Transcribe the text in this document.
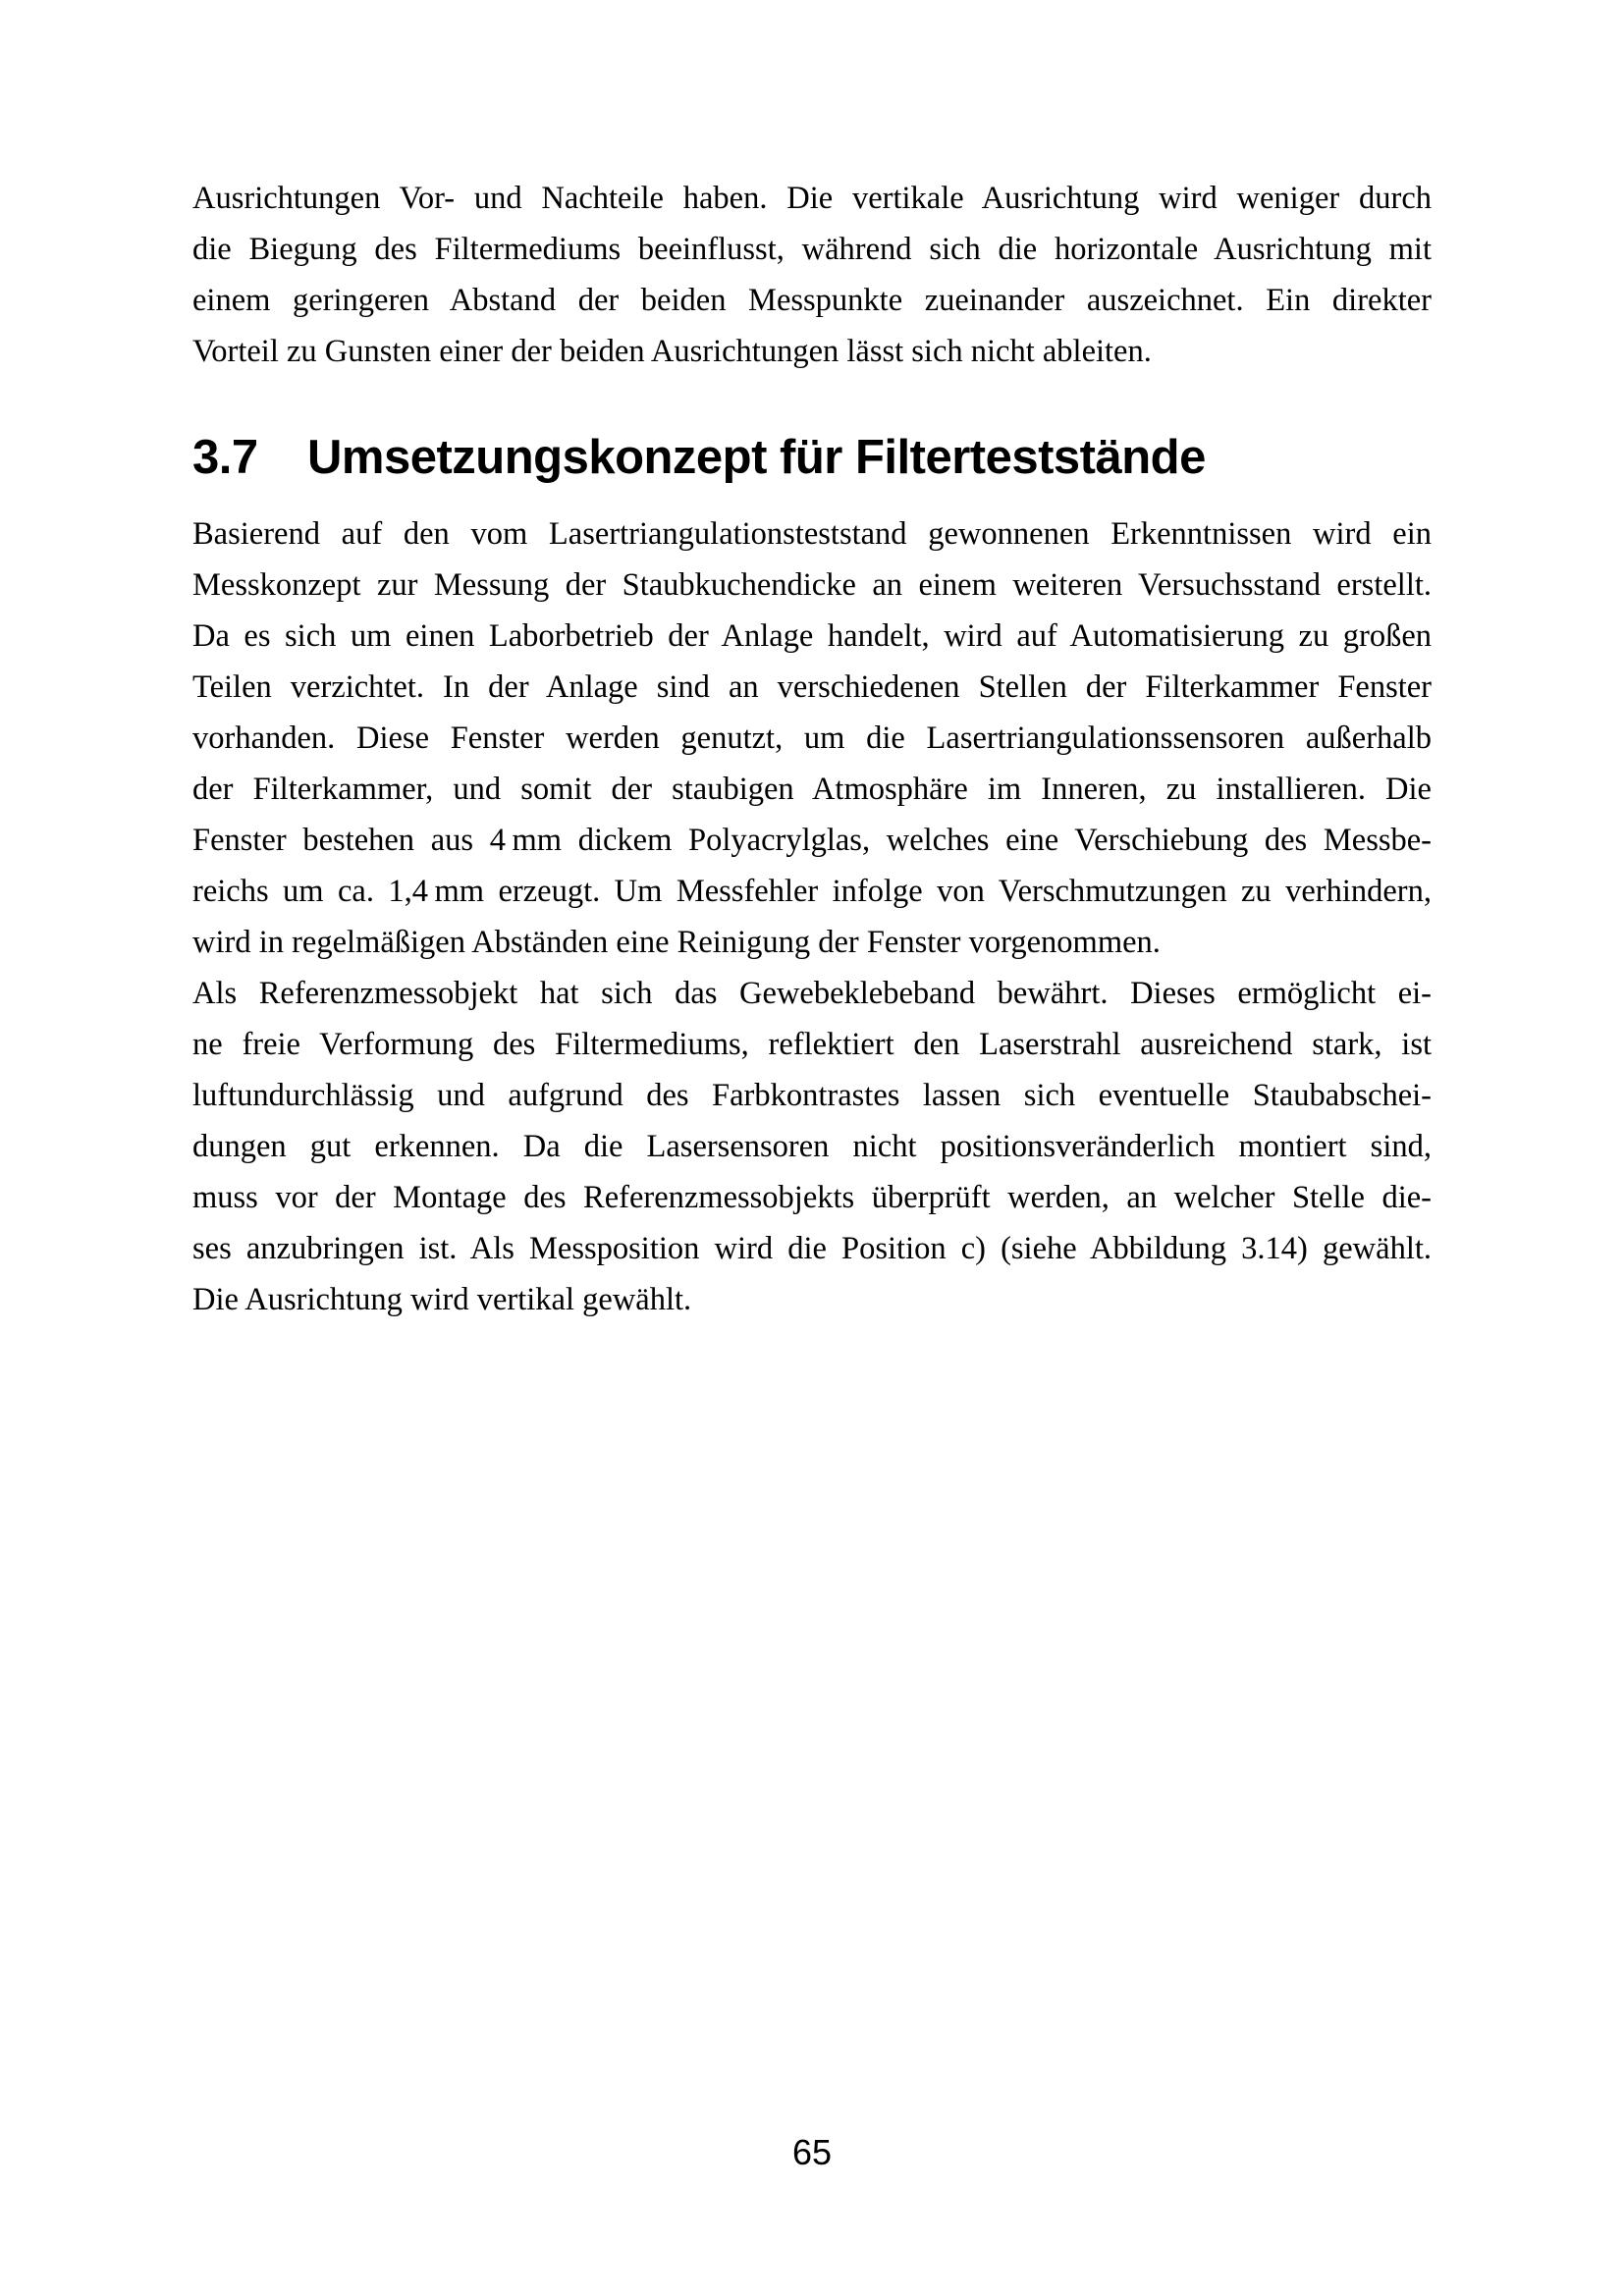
Ausrichtungen Vor- und Nachteile haben. Die vertikale Ausrichtung wird weniger durch
die Biegung des Filtermediums beeinflusst, während sich die horizontale Ausrichtung mit
einem geringeren Abstand der beiden Messpunkte zueinander auszeichnet. Ein direkter
Vorteil zu Gunsten einer der beiden Ausrichtungen lässt sich nicht ableiten.
3.7	Umsetzungskonzept für Filterteststände
Basierend auf den vom Lasertriangulationsteststand gewonnenen Erkenntnissen wird ein
Messkonzept zur Messung der Staubkuchendicke an einem weiteren Versuchsstand erstellt.
Da es sich um einen Laborbetrieb der Anlage handelt, wird auf Automatisierung zu großen
Teilen verzichtet. In der Anlage sind an verschiedenen Stellen der Filterkammer Fenster
vorhanden. Diese Fenster werden genutzt, um die Lasertriangulationssensoren außerhalb
der Filterkammer, und somit der staubigen Atmosphäre im Inneren, zu installieren. Die
Fenster bestehen aus 4 mm dickem Polyacrylglas, welches eine Verschiebung des Messbe-
reichs um ca. 1,4 mm erzeugt. Um Messfehler infolge von Verschmutzungen zu verhindern,
wird in regelmäßigen Abständen eine Reinigung der Fenster vorgenommen.
Als Referenzmessobjekt hat sich das Gewebeklebeband bewährt. Dieses ermöglicht ei-
ne freie Verformung des Filtermediums, reflektiert den Laserstrahl ausreichend stark, ist
luftundurchlässig und aufgrund des Farbkontrastes lassen sich eventuelle Staubabschei-
dungen gut erkennen. Da die Lasersensoren nicht positionsveränderlich montiert sind,
muss vor der Montage des Referenzmessobjekts überprüft werden, an welcher Stelle die-
ses anzubringen ist. Als Messposition wird die Position c) (siehe Abbildung 3.14) gewählt.
Die Ausrichtung wird vertikal gewählt.
65
